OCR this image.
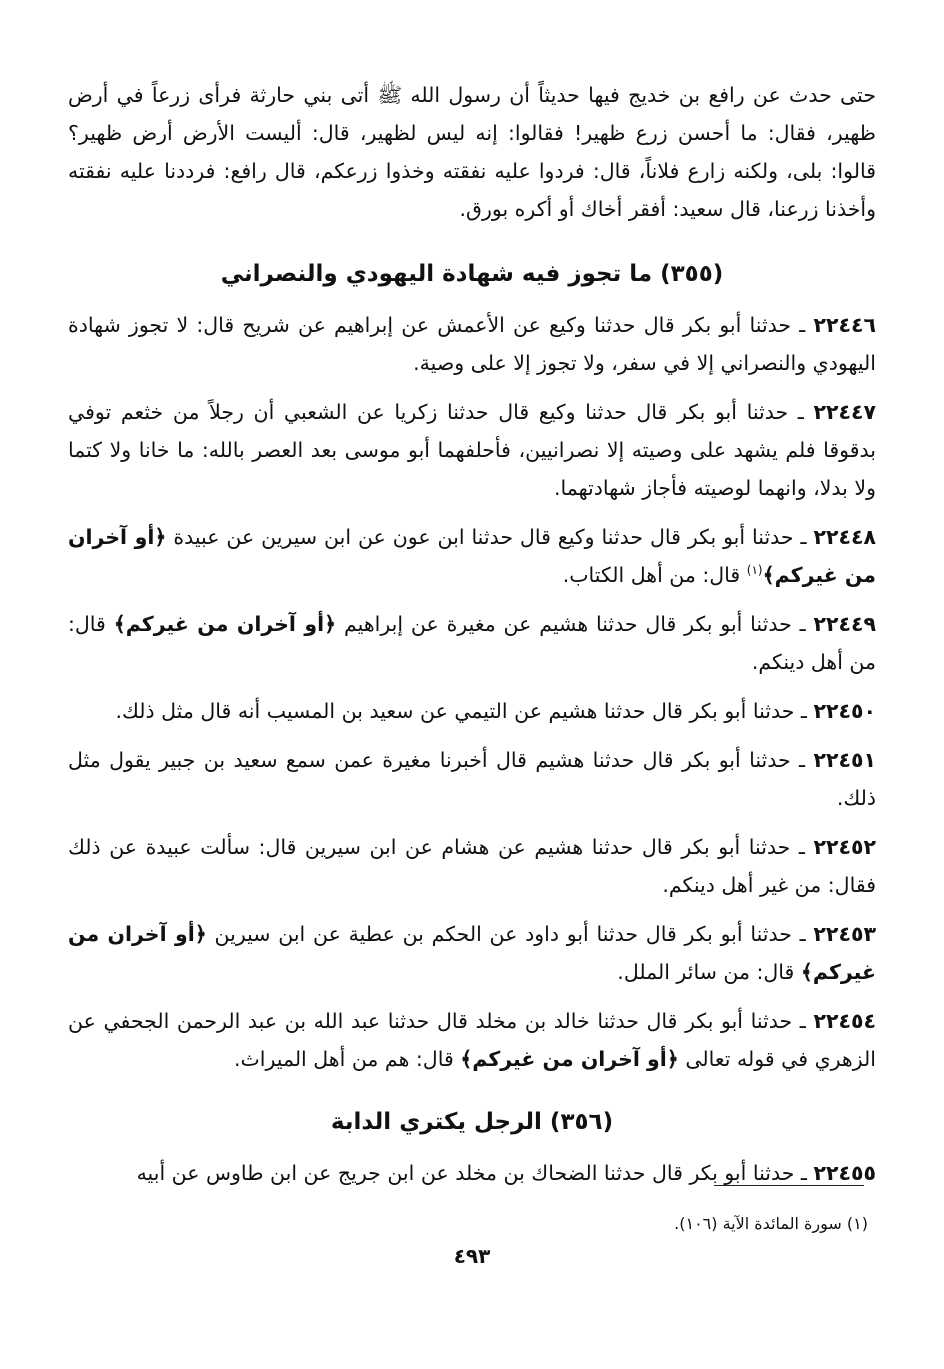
حتى حدث عن رافع بن خديج فيها حديثاً أن رسول الله ﷺ أتى بني حارثة فرأى زرعاً في أرض ظهير، فقال: ما أحسن زرع ظهير! فقالوا: إنه ليس لظهير، قال: أليست الأرض أرض ظهير؟ قالوا: بلى، ولكنه زارع فلاناً، قال: فردوا عليه نفقته وخذوا زرعكم، قال رافع: فرددنا عليه نفقته وأخذنا زرعنا، قال سعيد: أفقر أخاك أو أكره بورق.

(٣٥٥) ما تجوز فيه شهادة اليهودي والنصراني

٢٢٤٤٦ ـ حدثنا أبو بكر قال حدثنا وكيع عن الأعمش عن إبراهيم عن شريح قال: لا تجوز شهادة اليهودي والنصراني إلا في سفر، ولا تجوز إلا على وصية.

٢٢٤٤٧ ـ حدثنا أبو بكر قال حدثنا وكيع قال حدثنا زكريا عن الشعبي أن رجلاً من خثعم توفي بدقوقا فلم يشهد على وصيته إلا نصرانيين، فأحلفهما أبو موسى بعد العصر بالله: ما خانا ولا كتما ولا بدلا، وانهما لوصيته فأجاز شهادتهما.

٢٢٤٤٨ ـ حدثنا أبو بكر قال حدثنا وكيع قال حدثنا ابن عون عن ابن سيرين عن عبيدة ﴿أو آخران من غيركم﴾$^{(١)}$ قال: من أهل الكتاب.

٢٢٤٤٩ ـ حدثنا أبو بكر قال حدثنا هشيم عن مغيرة عن إبراهيم ﴿أو آخران من غيركم﴾ قال: من أهل دينكم.

٢٢٤٥٠ ـ حدثنا أبو بكر قال حدثنا هشيم عن التيمي عن سعيد بن المسيب أنه قال مثل ذلك.

٢٢٤٥١ ـ حدثنا أبو بكر قال حدثنا هشيم قال أخبرنا مغيرة عمن سمع سعيد بن جبير يقول مثل ذلك.

٢٢٤٥٢ ـ حدثنا أبو بكر قال حدثنا هشيم عن هشام عن ابن سيرين قال: سألت عبيدة عن ذلك فقال: من غير أهل دينكم.

٢٢٤٥٣ ـ حدثنا أبو بكر قال حدثنا أبو داود عن الحكم بن عطية عن ابن سيرين ﴿أو آخران من غيركم﴾ قال: من سائر الملل.

٢٢٤٥٤ ـ حدثنا أبو بكر قال حدثنا خالد بن مخلد قال حدثنا عبد الله بن عبد الرحمن الجحفي عن الزهري في قوله تعالى ﴿أو آخران من غيركم﴾ قال: هم من أهل الميراث.

(٣٥٦) الرجل يكتري الدابة

٢٢٤٥٥ ـ حدثنا أبو بكر قال حدثنا الضحاك بن مخلد عن ابن جريج عن ابن طاوس عن أبيه

(١) سورة المائدة الآية (١٠٦).
٤٩٣
